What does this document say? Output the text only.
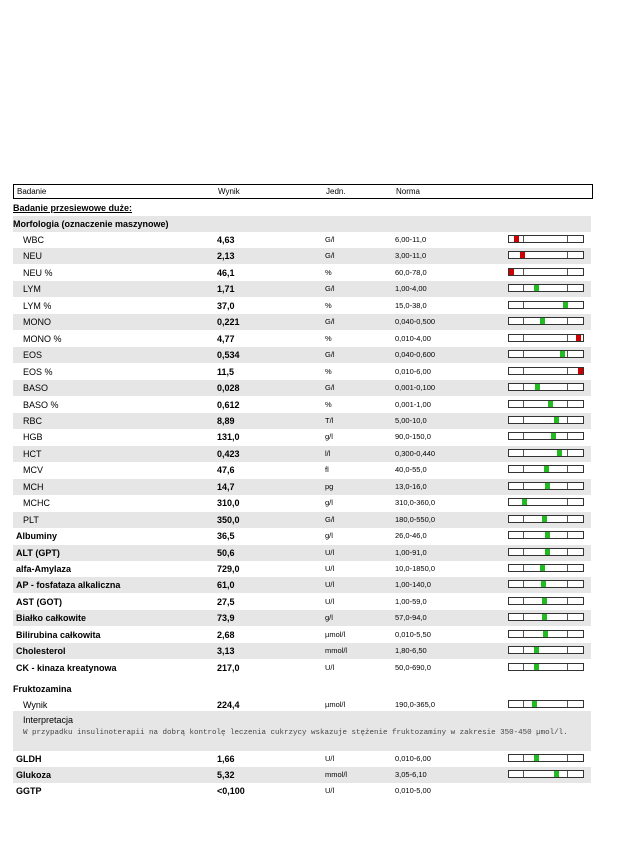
Badanie	Wynik	Jedn.	Norma
Badanie przesiewowe duże:
Morfologia (oznaczenie maszynowe)
Fruktozamina
WBC	4,63	G/l	6,00-11,0
NEU	2,13	G/l	3,00-11,0
NEU %	46,1	%	60,0-78,0
LYM	1,71	G/l	1,00-4,00
LYM %	37,0	%	15,0-38,0
MONO	0,221	G/l	0,040-0,500
MONO %	4,77	%	0,010-4,00
EOS	0,534	G/l	0,040-0,600
EOS %	11,5	%	0,010-6,00
BASO	0,028	G/l	0,001-0,100
BASO %	0,612	%	0,001-1,00
RBC	8,89	T/l	5,00-10,0
HGB	131,0	g/l	90,0-150,0
HCT	0,423	l/l	0,300-0,440
MCV	47,6	fl	40,0-55,0
MCH	14,7	pg	13,0-16,0
MCHC	310,0	g/l	310,0-360,0
PLT	350,0	G/l	180,0-550,0
Albuminy	36,5	g/l	26,0-46,0
ALT (GPT)	50,6	U/l	1,00-91,0
alfa-Amylaza	729,0	U/l	10,0-1850,0
AP - fosfataza alkaliczna	61,0	U/l	1,00-140,0
AST (GOT)	27,5	U/l	1,00-59,0
Białko całkowite	73,9	g/l	57,0-94,0
Bilirubina całkowita	2,68	µmol/l	0,010-5,50
Cholesterol	3,13	mmol/l	1,80-6,50
CK - kinaza kreatynowa	217,0	U/l	50,0-690,0
Wynik	224,4	µmol/l	190,0-365,0
GLDH	1,66	U/l	0,010-6,00
Glukoza	5,32	mmol/l	3,05-6,10
GGTP	<0,100	U/l	0,010-5,00
Interpretacja
W przypadku insulinoterapii na dobrą kontrolę leczenia cukrzycy wskazuje stężenie fruktozaminy w zakresie 350-450 µmol/l.
